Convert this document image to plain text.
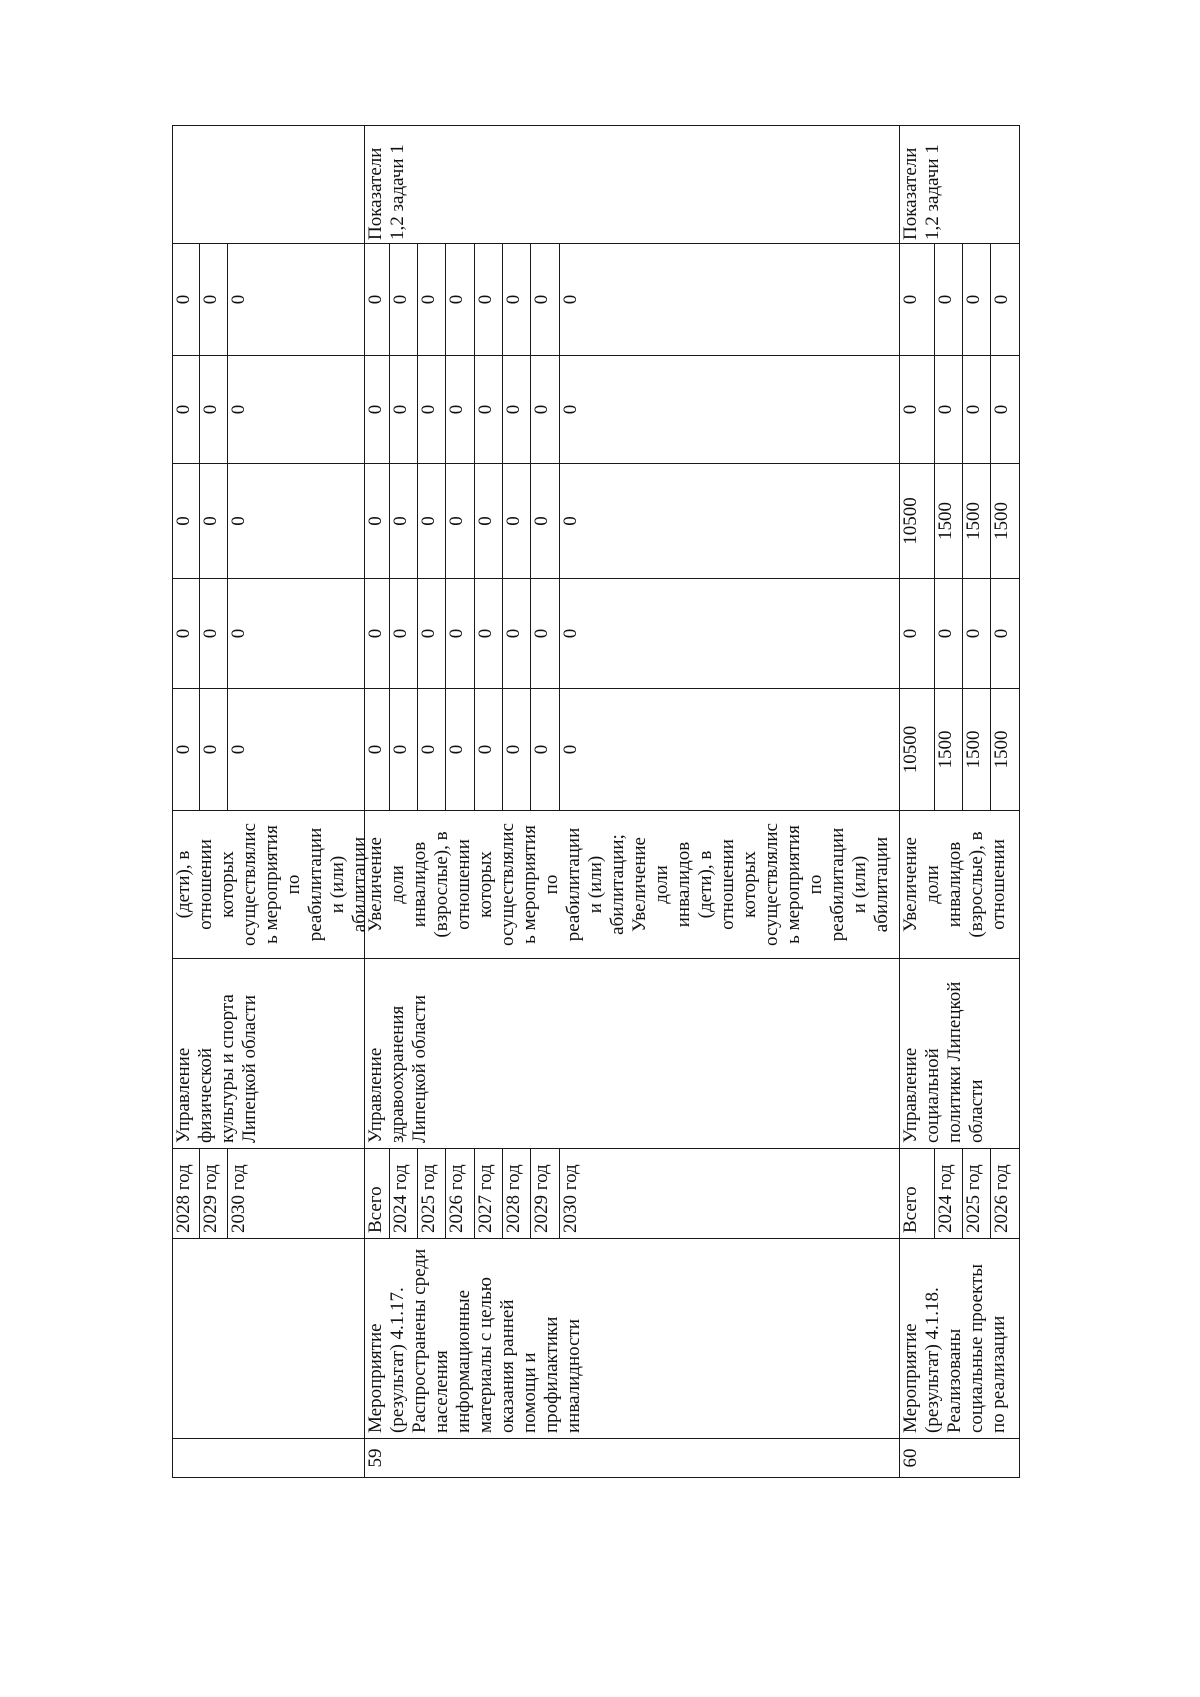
Управление
физической
культуры и спорта
Липецкой области
(дети), в
отношении
которых
осуществлялис
ь мероприятия
по
реабилитации
и (или)
абилитации
2028 год
0
0
0
0
0
2029 год
0
0
0
0
0
2030 год
0
0
0
0
0
59
Мероприятие
(результат) 4.1.17.
Распространены среди
населения
информационные
материалы с целью
оказания ранней
помощи и
профилактики
инвалидности
Управление
здравоохранения
Липецкой области
Увеличение
доли
инвалидов
(взрослые), в
отношении
которых
осуществлялис
ь мероприятия
по
реабилитации
и (или)
абилитации;
Увеличение
доли
инвалидов
(дети), в
отношении
которых
осуществлялис
ь мероприятия
по
реабилитации
и (или)
абилитации
Показатели
1,2 задачи 1
Всего
0
0
0
0
0
2024 год
0
0
0
0
0
2025 год
0
0
0
0
0
2026 год
0
0
0
0
0
2027 год
0
0
0
0
0
2028 год
0
0
0
0
0
2029 год
0
0
0
0
0
2030 год
0
0
0
0
0
60
Мероприятие
(результат) 4.1.18.
Реализованы
социальные проекты
по реализации
Управление
социальной
политики Липецкой
области
Увеличение
доли
инвалидов
(взрослые), в
отношении
Показатели
1,2 задачи 1
Всего
10500
0
10500
0
0
2024 год
1500
0
1500
0
0
2025 год
1500
0
1500
0
0
2026 год
1500
0
1500
0
0
